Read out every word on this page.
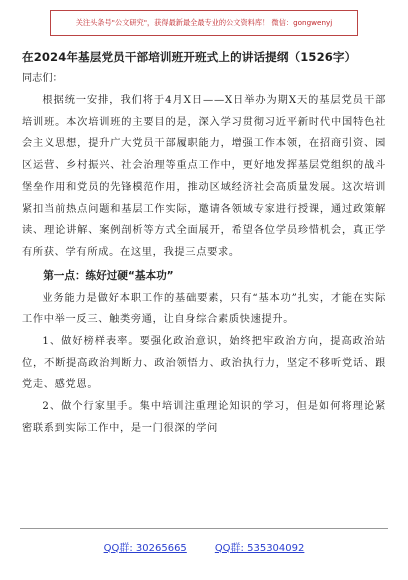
关注头条号"公文研究"，获得最新最全最专业的公文资料库！ 微信：gongwenyj
在2024年基层党员干部培训班开班式上的讲话提纲（1526字）
同志们：
根据统一安排，我们将于4月X日——X日举办为期X天的基层党员干部培训班。本次培训班的主要目的是，深入学习贯彻习近平新时代中国特色社会主义思想，提升广大党员干部履职能力，增强工作本领，在招商引资、园区运营、乡村振兴、社会治理等重点工作中，更好地发挥基层党组织的战斗堡垒作用和党员的先锋模范作用，推动区域经济社会高质量发展。这次培训紧扣当前热点问题和基层工作实际，邀请各领域专家进行授课，通过政策解读、理论讲解、案例剖析等方式全面展开，希望各位学员珍惜机会，真正学有所获、学有所成。在这里，我提三点要求。
第一点：练好过硬“基本功”
业务能力是做好本职工作的基础要素，只有“基本功”扎实，才能在实际工作中举一反三、触类旁通，让自身综合素质快速提升。
1、做好榜样表率。要强化政治意识，始终把牢政治方向，提高政治站位，不断提高政治判断力、政治领悟力、政治执行力，坚定不移听党话、跟党走、感党恩。
2、做个行家里手。集中培训注重理论知识的学习，但是如何将理论紧密联系到实际工作中，是一门很深的学问
QQ群: 30265665	QQ群: 535304092
